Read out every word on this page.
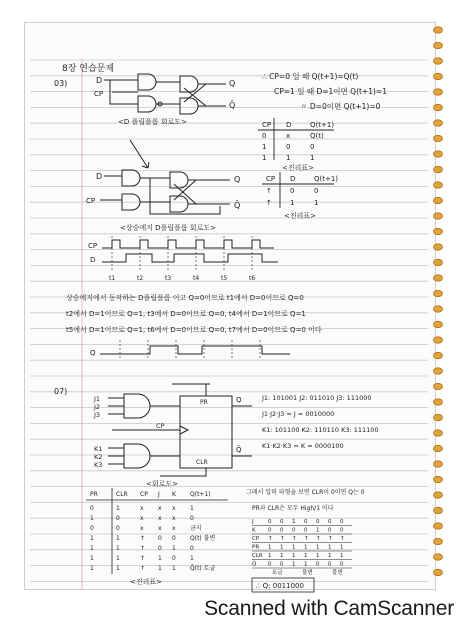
8장 연습문제
03)	D
CP
Q
Q̄
<D 플립플롭 회로도>
∴ CP=0 일 때 Q(t+1)=Q(t)
CP=1 일 때 D=1이면 Q(t+1)=1
〃 D=0이면 Q(t+1)=0
CP D	Q(t+1)
0	x	Q(t)
1	0	0
1	1	1
<진리표>
D
CP
Q
Q̄
<상승에지 D플립플롭 회로도>
CP D	Q(t+1)
↑	0	0
↑	1	1
<진리표>
CP
D
t1	t2	t3	t4	t5	t6
상승에지에서 동작하는 D플립플롭 이고 Q=0이므로 t1에서 D=0이므로 Q=0
t2에서 D=1이므로 Q=1, t3에서 D=0이므로 Q=0, t4에서 D=1이므로 Q=1
t5에서 D=1이므로 Q=1, t6에서 D=0이므로 Q=0, t7에서 D=0이므로 Q=0 이다
Q
07)
J1
J2
J3
K1
K2
K3
CP
PR
CLR
Q
Q̄
<회로도>
J1: 101001 J2: 011010 J3: 111000
J1·J2·J3 = J = 0010000
K1: 101100 K2: 110110 K3: 111100
K1·K2·K3 = K = 0000100
PR	CLR CP J K Q(t+1)
0	1	x x x 1
1	0	x x x 0
0	0	x x x 금지
1	1	↑ 0 0 Q(t) 불변
1	1	↑ 0 1 0
1	1	↑ 1 0 1
1	1	↑ 1 1 Q̄(t) 토글
<진리표>
그래서 입력 파형을 보면 CLR이 0이면 Q는 0
PR과 CLR은 모두 High/1 이다
J	0 0 1 0 0 0 0
K 0 0 0 0 1 0 0
CP ↑ ↑ ↑ ↑ ↑ ↑ ↑
PR 1 1 1 1 1 1 1
CLR 1 1 1 1 1 1 1
Q 0 0 1 1 0 0 0
토글	불변	불변
∴ Q: 0011000
Scanned with CamScanner
